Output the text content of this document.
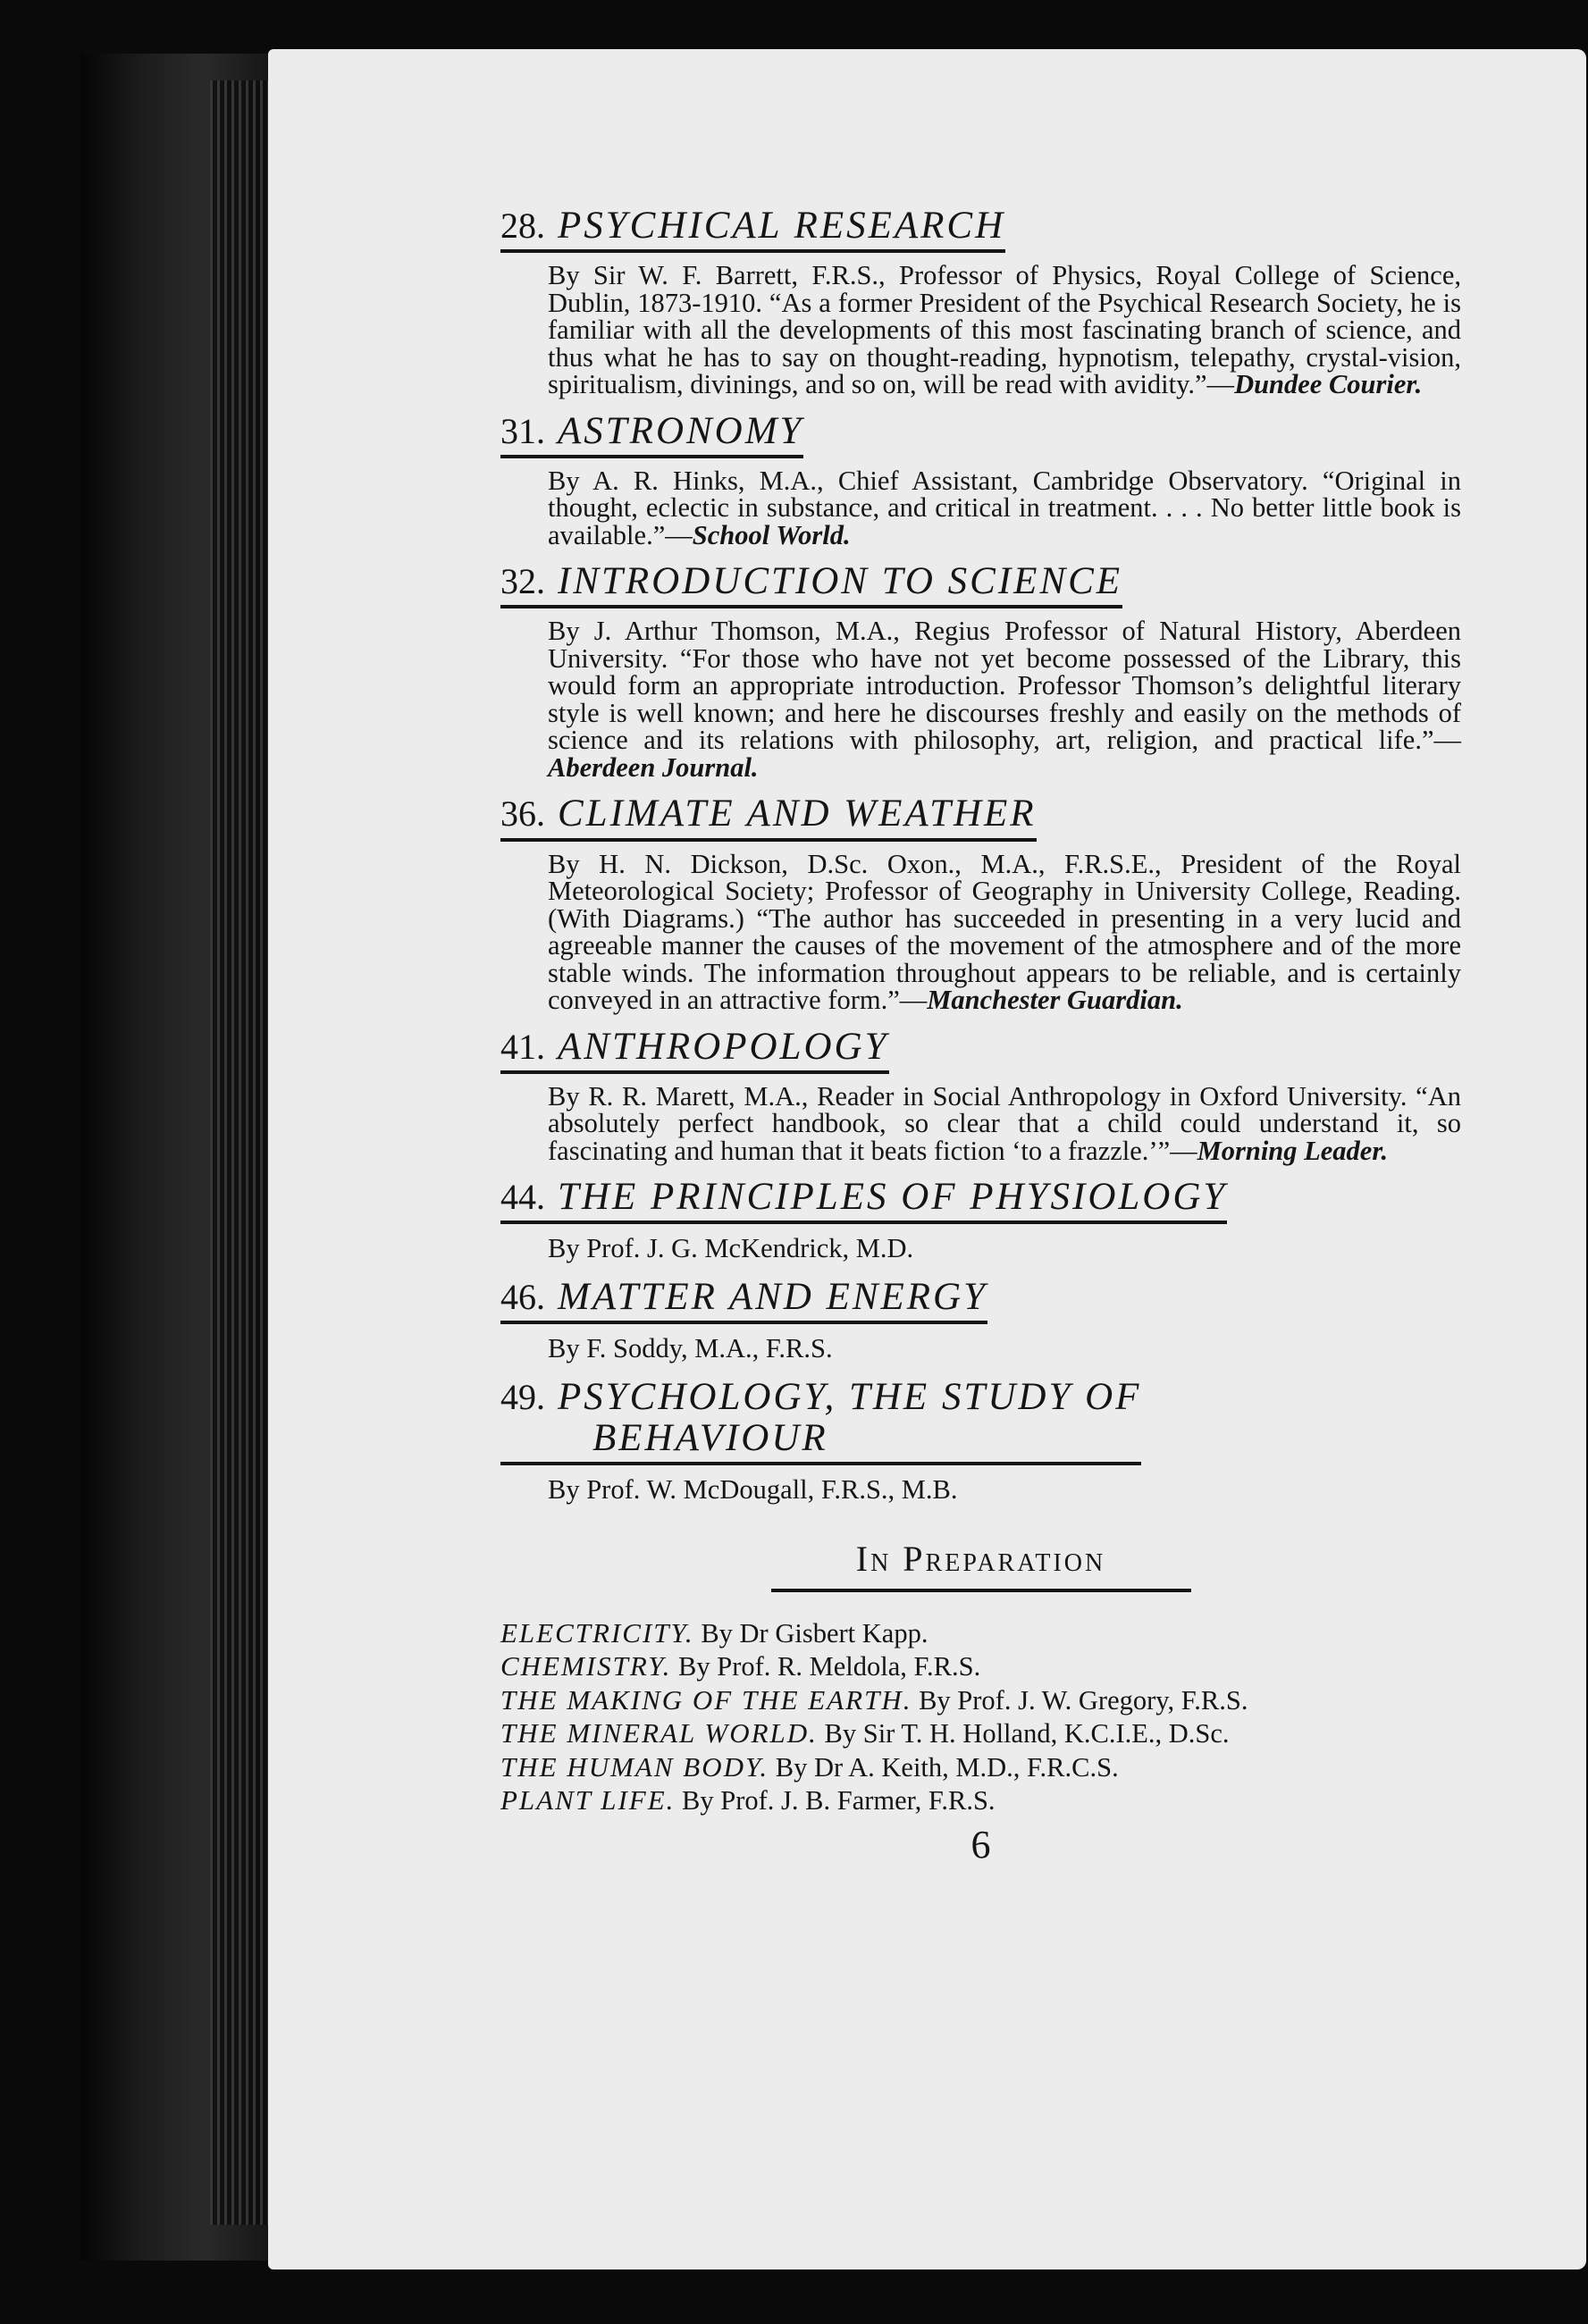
28. PSYCHICAL RESEARCH

By Sir W. F. Barrett, F.R.S., Professor of Physics, Royal College of Science, Dublin, 1873-1910. “As a former President of the Psychical Research Society, he is familiar with all the developments of this most fascinating branch of science, and thus what he has to say on thought-reading, hypnotism, telepathy, crystal-vision, spiritualism, divinings, and so on, will be read with avidity.”—Dundee Courier.

31. ASTRONOMY

By A. R. Hinks, M.A., Chief Assistant, Cambridge Observatory. “Original in thought, eclectic in substance, and critical in treatment. . . . No better little book is available.”—School World.

32. INTRODUCTION TO SCIENCE

By J. Arthur Thomson, M.A., Regius Professor of Natural History, Aberdeen University. “For those who have not yet become possessed of the Library, this would form an appropriate introduction. Professor Thomson’s delightful literary style is well known; and here he discourses freshly and easily on the methods of science and its relations with philosophy, art, religion, and practical life.”—Aberdeen Journal.

36. CLIMATE AND WEATHER

By H. N. Dickson, D.Sc. Oxon., M.A., F.R.S.E., President of the Royal Meteorological Society; Professor of Geography in University College, Reading. (With Diagrams.) “The author has succeeded in presenting in a very lucid and agreeable manner the causes of the movement of the atmosphere and of the more stable winds. The information throughout appears to be reliable, and is certainly conveyed in an attractive form.”—Manchester Guardian.

41. ANTHROPOLOGY

By R. R. Marett, M.A., Reader in Social Anthropology in Oxford University. “An absolutely perfect handbook, so clear that a child could understand it, so fascinating and human that it beats fiction ‘to a frazzle.’”—Morning Leader.

44. THE PRINCIPLES OF PHYSIOLOGY

By Prof. J. G. McKendrick, M.D.

46. MATTER AND ENERGY

By F. Soddy, M.A., F.R.S.

49. PSYCHOLOGY, THE STUDY OF
BEHAVIOUR

By Prof. W. McDougall, F.R.S., M.B.

In Preparation

ELECTRICITY. By Dr Gisbert Kapp.

CHEMISTRY. By Prof. R. Meldola, F.R.S.

THE MAKING OF THE EARTH. By Prof. J. W. Gregory, F.R.S.

THE MINERAL WORLD. By Sir T. H. Holland, K.C.I.E., D.Sc.

THE HUMAN BODY. By Dr A. Keith, M.D., F.R.C.S.

PLANT LIFE. By Prof. J. B. Farmer, F.R.S.

6
